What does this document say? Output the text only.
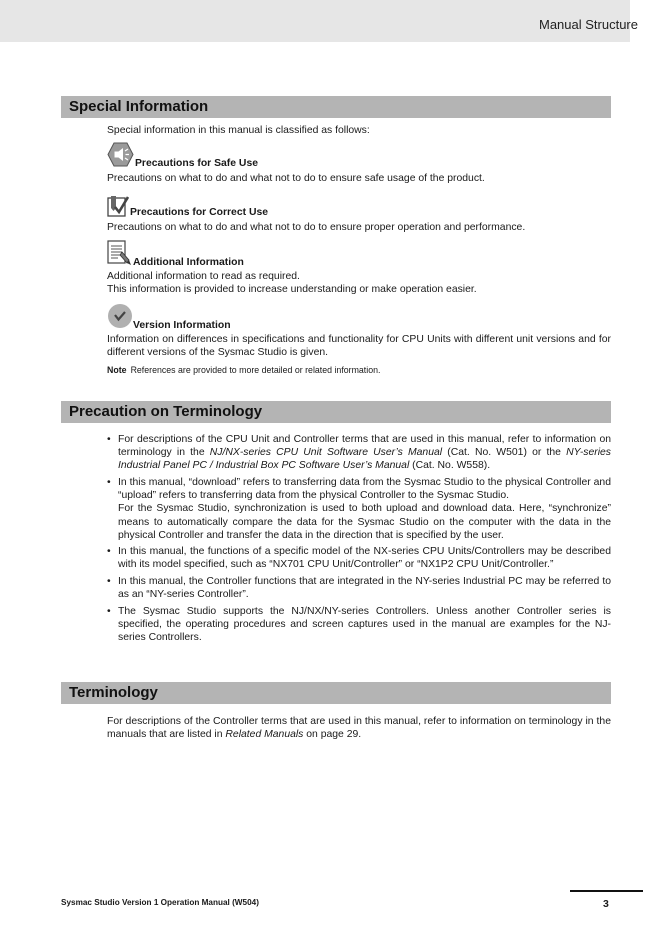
Manual Structure
Special Information
Special information in this manual is classified as follows:
Precautions for Safe Use
Precautions on what to do and what not to do to ensure safe usage of the product.
Precautions for Correct Use
Precautions on what to do and what not to do to ensure proper operation and performance.
Additional Information
Additional information to read as required.
This information is provided to increase understanding or make operation easier.
Version Information
Information on differences in specifications and functionality for CPU Units with different unit versions and for different versions of the Sysmac Studio is given.
Note References are provided to more detailed or related information.
Precaution on Terminology
• For descriptions of the CPU Unit and Controller terms that are used in this manual, refer to information on terminology in the NJ/NX-series CPU Unit Software User’s Manual (Cat. No. W501) or the NY-series Industrial Panel PC / Industrial Box PC Software User’s Manual (Cat. No. W558).
• In this manual, “download” refers to transferring data from the Sysmac Studio to the physical Controller and “upload” refers to transferring data from the physical Controller to the Sysmac Studio.
For the Sysmac Studio, synchronization is used to both upload and download data. Here, “synchronize” means to automatically compare the data for the Sysmac Studio on the computer with the data in the physical Controller and transfer the data in the direction that is specified by the user.
• In this manual, the functions of a specific model of the NX-series CPU Units/Controllers may be described with its model specified, such as “NX701 CPU Unit/Controller” or “NX1P2 CPU Unit/Controller.”
• In this manual, the Controller functions that are integrated in the NY-series Industrial PC may be referred to as an “NY-series Controller”.
• The Sysmac Studio supports the NJ/NX/NY-series Controllers. Unless another Controller series is specified, the operating procedures and screen captures used in the manual are examples for the NJ-series Controllers.
Terminology
For descriptions of the Controller terms that are used in this manual, refer to information on terminology in the manuals that are listed in Related Manuals on page 29.
Sysmac Studio Version 1 Operation Manual (W504)	3
